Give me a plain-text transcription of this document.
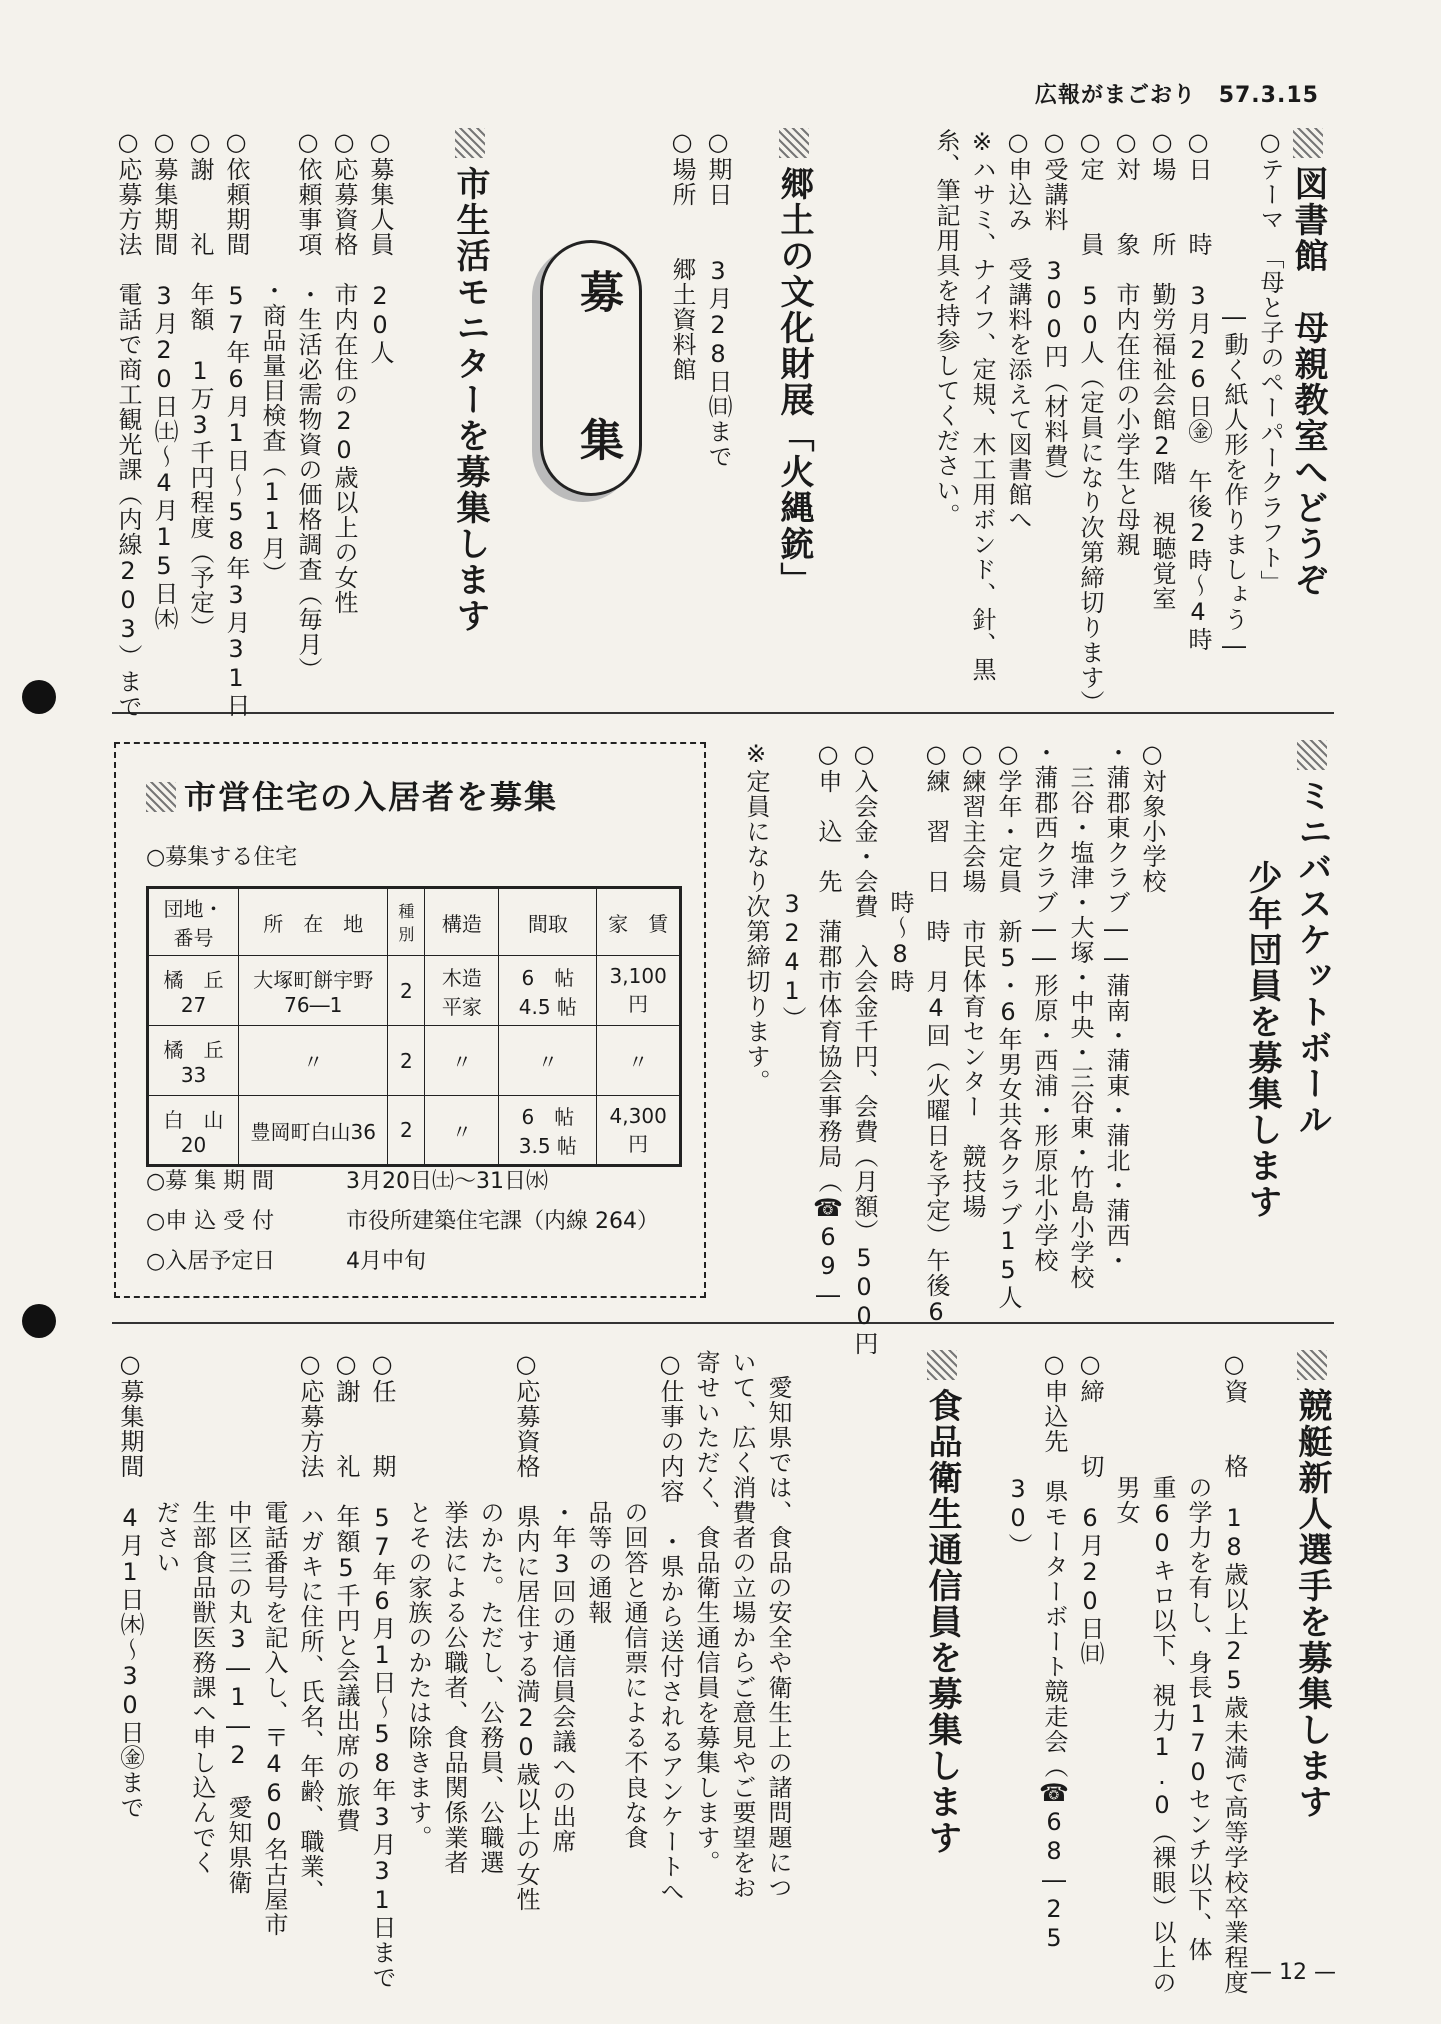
広報がまごおり 57.3.15
図書館　母親教室へどうぞ
○テーマ　「母と子のペーパークラフト」
　　　　　　　―動く紙人形を作りましょう―
○日　　時　3月26日㊎　午後2時～4時
○場　　所　勤労福祉会館2階　視聴覚室
○対　　象　市内在住の小学生と母親
○定　　員　50人（定員になり次第締切ります）
○受講料　300円（材料費）
○申込み　受講料を添えて図書館へ
※ハサミ、ナイフ、定規、木工用ボンド、針、黒
糸、筆記用具を持参してください。
郷土の文化財展「火縄銃」
○期日　　3月28日㈰まで
○場所　　郷土資料館
募　集
市生活モニターを募集します
○募集人員　20人
○応募資格　市内在住の20歳以上の女性
○依頼事項　・生活必需物資の価格調査（毎月）
　　　　　　・商品量目検査（11月）
○依頼期間　57年6月1日～58年3月31日
○謝　　礼　年額　1万3千円程度（予定）
○募集期間　3月20日㈯～4月15日㈭
○応募方法　電話で商工観光課（内線203）まで
ミニバスケットボール
少年団員を募集します
○対象小学校
・蒲郡東クラブ――蒲南・蒲東・蒲北・蒲西・
　三谷・塩津・大塚・中央・三谷東・竹島小学校
・蒲郡西クラブ――形原・西浦・形原北小学校
○学年・定員　新5・6年男女共各クラブ15人
○練習主会場　市民体育センター　競技場
○練　習　日　時　月4回（火曜日を予定）午後6
　　　　　　時～8時
○入会金・会費　入会金千円、会費（月額）500円
○申　込　先　蒲郡市体育協会事務局（☎69―
　　　　　　3241）
※定員になり次第締切ります。
市営住宅の入居者を募集
○募集する住宅
団地・番号	所　在　地	種別	構造	間取	家　賃
橘　丘 27	大塚町餅宇野 76―1	2	木造 平家	6　帖 4.5 帖	3,100円
橘　丘 33	〃	2	〃	〃	〃
白　山 20	豊岡町白山36	2	〃	6　帖 3.5 帖	4,300円
○募 集 期 間	3月20日㈯～31日㈬
○申 込 受 付	市役所建築住宅課（内線 264）
○入居予定日	4月中旬
競艇新人選手を募集します
○資　　格　18歳以上25歳未満で高等学校卒業程度
　　　　　の学力を有し、身長170センチ以下、体
　　　　　重60キロ以下、視力1.0（裸眼）以上の
　　　　　男女
○締　　切　6月20日㈰
○申込先　県モーターボート競走会（☎68―25
　　　　　30）
食品衛生通信員を募集します
　愛知県では、食品の安全や衛生上の諸問題につ
いて、広く消費者の立場からご意見やご要望をお
寄せいただく、食品衛生通信員を募集します。
○仕事の内容　・県から送付されるアンケートへ
　　　　　　の回答と通信票による不良な食
　　　　　　品等の通報
　　　　　　・年3回の通信員会議への出席
○応募資格　県内に居住する満20歳以上の女性
　　　　　　のかた。ただし、公務員、公職選
　　　　　　挙法による公職者、食品関係業者
　　　　　　とその家族のかたは除きます。
○任　　期　57年6月1日～58年3月31日まで
○謝　　礼　年額5千円と会議出席の旅費
○応募方法　ハガキに住所、氏名、年齢、職業、
　　　　　　電話番号を記入し、〒460名古屋市
　　　　　　中区三の丸3―1―2　愛知県衛
　　　　　　生部食品獣医務課へ申し込んでく
　　　　　　ださい
○募集期間　4月1日㈭～30日㊎まで
— 12 —
